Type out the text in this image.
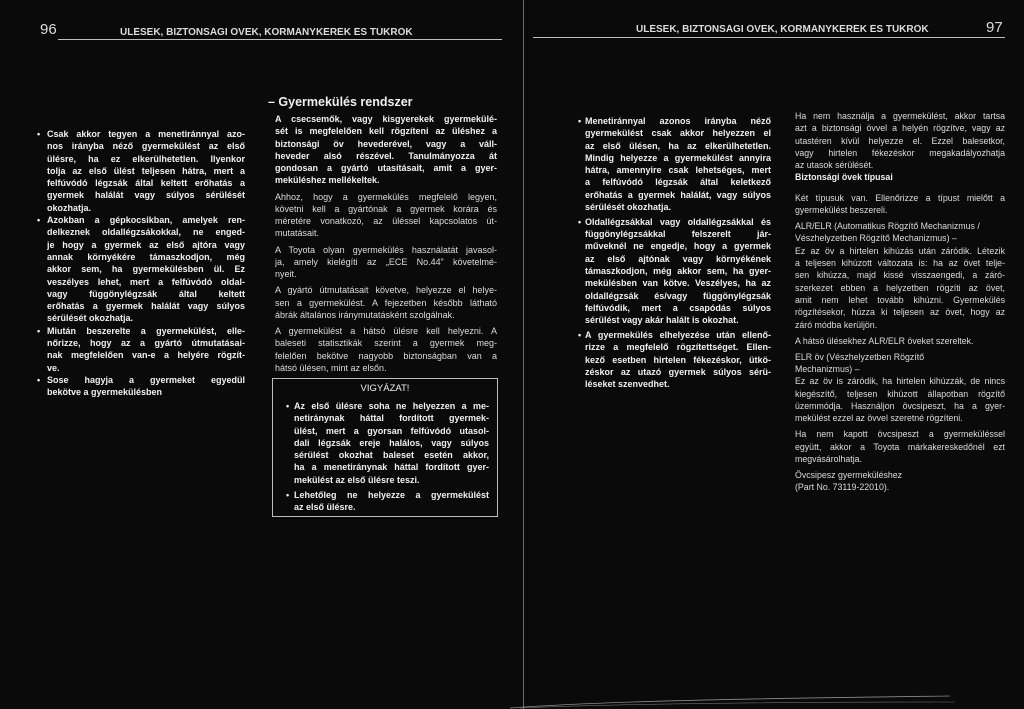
96	ÜLÉSEK, BIZTONSÁGI ÖVEK, KORMÁNYKERÉK ÉS TÜKRÖK	ÜLÉSEK, BIZTONSÁGI ÖVEK, KORMÁNYKERÉK ÉS TÜKRÖK	97
• Csak akkor tegyen a menetiránnyal azo-
nos irányba néző gyermekülést az első
ülésre, ha ez elkerülhetetlen. Ilyenkor
tolja az első ülést teljesen hátra, mert a
felfúvódó légzsák által keltett erőhatás a
gyermek halálát vagy súlyos sérülését
okozhatja.
• Azokban a gépkocsikban, amelyek ren-
delkeznek oldallégzsákokkal, ne enged-
je hogy a gyermek az első ajtóra vagy
annak környékére támaszkodjon, még
akkor sem, ha gyermekülésben ül. Ez
veszélyes lehet, mert a felfúvódó oldal-
vagy függönylégzsák által keltett
erőhatás a gyermek halálát vagy súlyos
sérülését okozhatja.
• Miután beszerelte a gyermekülést, elle-
nőrizze, hogy az a gyártó útmutatásai-
nak megfelelően van-e a helyére rögzít-
ve.
• Sose hagyja a gyermeket egyedül
bekötve a gyermekülésben
– Gyermekülés rendszer
A csecsemők, vagy kisgyerekek gyermekülé-
sét is megfelelően kell rögzíteni az üléshez a
biztonsági öv hevederével, vagy a váll-
heveder alsó részével. Tanulmányozza át
gondosan a gyártó utasításait, amit a gyer-
meküléshez mellékeltek.
Ahhoz, hogy a gyermekülés megfelelő legyen,
követni kell a gyártónak a gyermek korára és
méretére vonatkozó, az üléssel kapcsolatos út-
mutatásait.
A Toyota olyan gyermekülés használatát javasol-
ja, amely kielégíti az „ECE No.44” követelmé-
nyeit.
A gyártó útmutatásait követve, helyezze el helye-
sen a gyermekülést. A fejezetben később látható
ábrák általános iránymutatásként szolgálnak.
A gyermekülést a hátsó ülésre kell helyezni. A
baleseti statisztikák szerint a gyermek meg-
felelően bekötve nagyobb biztonságban van a
hátsó ülésen, mint az elsőn.
VIGYÁZAT!
• Az első ülésre soha ne helyezzen a me-
netiránynak háttal fordított gyermek-
ülést, mert a gyorsan felfúvódó utasol-
dali légzsák ereje halálos, vagy súlyos
sérülést okozhat baleset esetén akkor,
ha a menetiránynak háttal fordított gyer-
mekülést az első ülésre teszi.
• Lehetőleg ne helyezze a gyermekülést
az első ülésre.
• Menetiránnyal azonos irányba néző
gyermekülést csak akkor helyezzen el
az első ülésen, ha az elkerülhetetlen.
Mindig helyezze a gyermekülést annyira
hátra, amennyire csak lehetséges, mert
a felfúvódó légzsák által keletkező
erőhatás a gyermek halálát, vagy súlyos
sérülését okozhatja.
• Oldallégzsákkal vagy oldallégzsákkal és
függönylégzsákkal felszerelt jár-
műveknél ne engedje, hogy a gyermek
az első ajtónak vagy környékének
támaszkodjon, még akkor sem, ha gyer-
mekülésben van kötve. Veszélyes, ha az
oldallégzsák és/vagy függönylégzsák
felfúvódik, mert a csapódás súlyos
sérülést vagy akár halált is okozhat.
• A gyermekülés elhelyezése után ellenő-
rizze a megfelelő rögzítettséget. Ellen-
kező esetben hirtelen fékezéskor, ütkö-
zéskor az utazó gyermek súlyos sérü-
léseket szenvedhet.
Ha nem használja a gyermekülést, akkor tartsa
azt a biztonsági övvel a helyén rögzítve, vagy az
utastéren kívül helyezze el. Ezzel balesetkor,
vagy hirtelen fékezéskor megakadályozhatja
az utasok sérülését.
Biztonsági övek típusai
Két típusuk van. Ellenőrizze a típust mielőtt a
gyermekülést beszereli.
ALR/ELR (Automatikus Rögzítő Mechanizmus /
Vészhelyzetben Rögzítő Mechanizmus) –
Ez az öv a hirtelen kihúzás után záródik. Létezik
a teljesen kihúzott változata is: ha az övet telje-
sen kihúzza, majd kissé visszaengedi, a záró-
szerkezet ebben a helyzetben rögzíti az övet,
amit nem lehet tovább kihúzni. Gyermekülés
rögzítésekor, húzza ki teljesen az övet, hogy az
záró módba kerüljön.
A hátsó ülésekhez ALR/ELR öveket szereltek.
ELR öv (Vészhelyzetben Rögzítő
Mechanizmus) –
Ez az öv is záródik, ha hirtelen kihúzzák, de nincs
kiegészítő, teljesen kihúzott állapotban rögzítő
üzemmódja. Használjon övcsipeszt, ha a gyer-
mekülést ezzel az övvel szeretné rögzíteni.
Ha nem kapott övcsipeszt a gyermeküléssel
együtt, akkor a Toyota márkakereskedőnél ezt
megvásárolhatja.
Övcsipesz gyermeküléshez
(Part No. 73119-22010).
